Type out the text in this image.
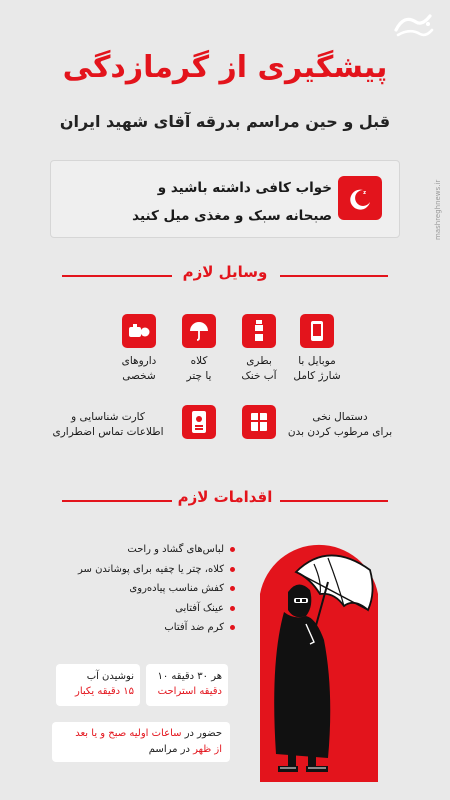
mashreghnews.ir
پیشگیری از گرمازدگی
قبل و حین مراسم بدرقه آقای شهید ایران
خواب کافی داشته باشید و
صبحانه سبک و مغذی میل کنید
z z
وسایل لازم
موبایل با
شارژ کامل
بطری
آب خنک
کلاه
یا چتر
داروهای
شخصی
دستمال نخی
برای مرطوب کردن بدن
کارت شناسایی و
اطلاعات تماس اضطراری
اقدامات لازم
لباس‌های گشاد و راحت
کلاه، چتر یا چفیه برای پوشاندن سر
کفش مناسب پیاده‌روی
عینک آفتابی
کرم ضد آفتاب
هر ۳۰ دقیقه ۱۰
دقیقه استراحت
نوشیدن آب
۱۵ دقیقه یکبار
حضور در ساعات اولیه صبح و یا بعد
از ظهر در مراسم
